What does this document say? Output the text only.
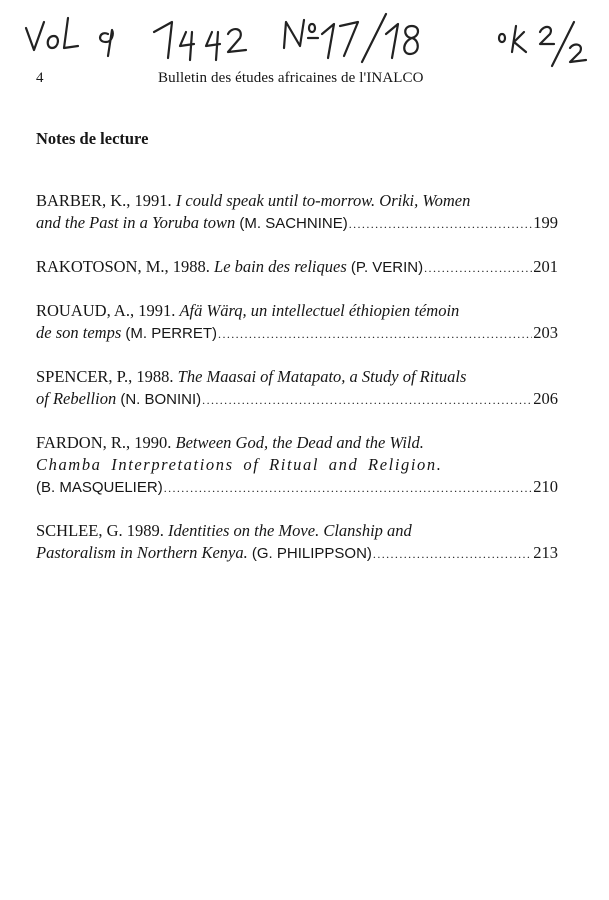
4	Bulletin des études africaines de l'INALCO
Notes de lecture
BARBER, K., 1991. I could speak until to-morrow. Oriki, Women
and the Past in a Yoruba town
(M. SACHNINE) .....	199
RAKOTOSON, M., 1988.
Le bain des reliques
(P. VERIN) .....	201
ROUAUD, A., 1991. Afä Wärq, un intellectuel éthiopien témoin
de son temps
(M. PERRET) .....	203
SPENCER, P., 1988. The Maasai of Matapato, a Study of Rituals
of Rebellion
(N. BONINI) .....	206
FARDON, R., 1990. Between God, the Dead and the Wild.
Chamba Interpretations of Ritual and Religion.
(B. MASQUELIER) .....	210
SCHLEE, G. 1989. Identities on the Move. Clanship and
Pastoralism in Northern Kenya.
(G. PHILIPPSON) .....	213
